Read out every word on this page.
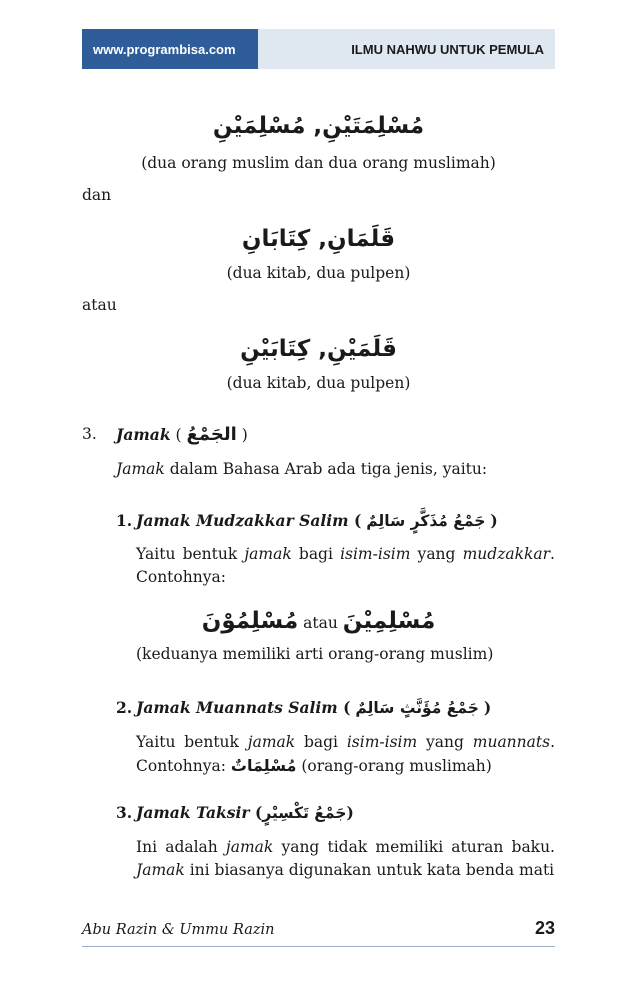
www.programbisa.com	ILMU NAHWU UNTUK PEMULA
مُسْلِمَتَيْنِ, مُسْلِمَيْنِ
(dua orang muslim dan dua orang muslimah)
dan
قَلَمَانِ, كِتَابَانِ
(dua kitab, dua pulpen)
atau
قَلَمَيْنِ, كِتَابَيْنِ
(dua kitab, dua pulpen)
3. Jamak ( الجَمْعُ )
Jamak dalam Bahasa Arab ada tiga jenis, yaitu:
1. Jamak Mudzakkar Salim ( جَمْعُ مُذَكَّرٍ سَالِمٌ )
Yaitu bentuk jamak bagi isim-isim yang mudzakkar. Contohnya:
مُسْلِمُوْنَ atau مُسْلِمِيْنَ
(keduanya memiliki arti orang-orang muslim)
2. Jamak Muannats Salim ( جَمْعُ مُؤَنَّثٍ سَالِمٌ )
Yaitu bentuk jamak bagi isim-isim yang muannats. Contohnya: مُسْلِمَاتٌ (orang-orang muslimah)
3. Jamak Taksir (جَمْعُ تَكْسِيْرٍ)
Ini adalah jamak yang tidak memiliki aturan baku. Jamak ini biasanya digunakan untuk kata benda mati
Abu Razin & Ummu Razin	23
